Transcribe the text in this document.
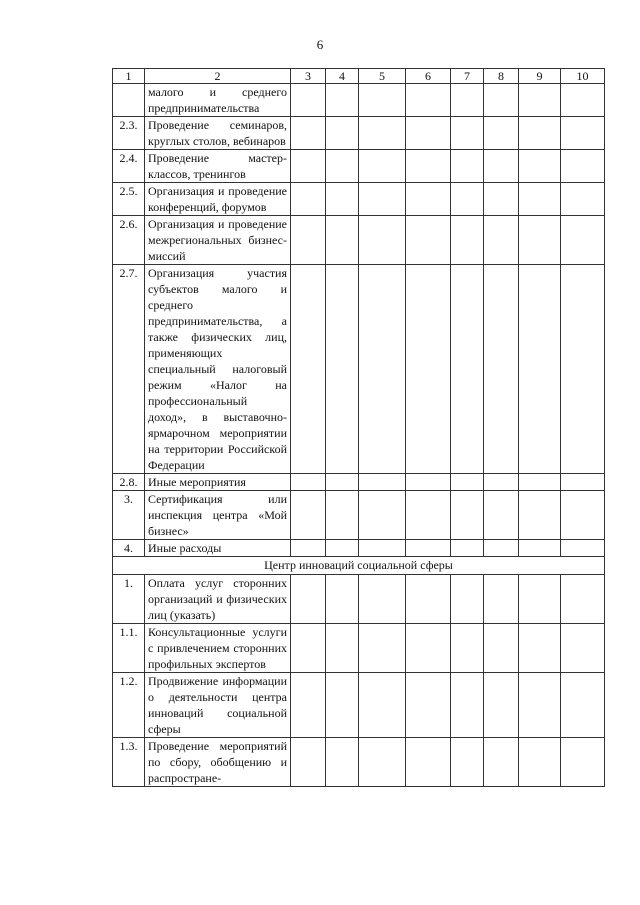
6
1	2	3	4	5	6	7	8	9	10
	малого и среднего предпринимательства								
2.3.	Проведение семинаров, круглых столов, вебинаров								
2.4.	Проведение мастер-классов, тренингов								
2.5.	Организация и проведение конференций, форумов								
2.6.	Организация и проведение межрегиональных бизнес-миссий								
2.7.	Организация участия субъектов малого и среднего предпринимательства, а также физических лиц, применяющих специальный налоговый режим «Налог на профессиональный доход», в выставочно-ярмарочном мероприятии на территории Российской Федерации								
2.8.	Иные мероприятия								
3.	Сертификация или инспекция центра «Мой бизнес»								
4.	Иные расходы								
Центр инноваций социальной сферы									
1.	Оплата услуг сторонних организаций и физических лиц (указать)								
1.1.	Консультационные услуги с привлечением сторонних профильных экспертов								
1.2.	Продвижение информации о деятельности центра инноваций социальной сферы								
1.3.	Проведение мероприятий по сбору, обобщению и распростране-								
